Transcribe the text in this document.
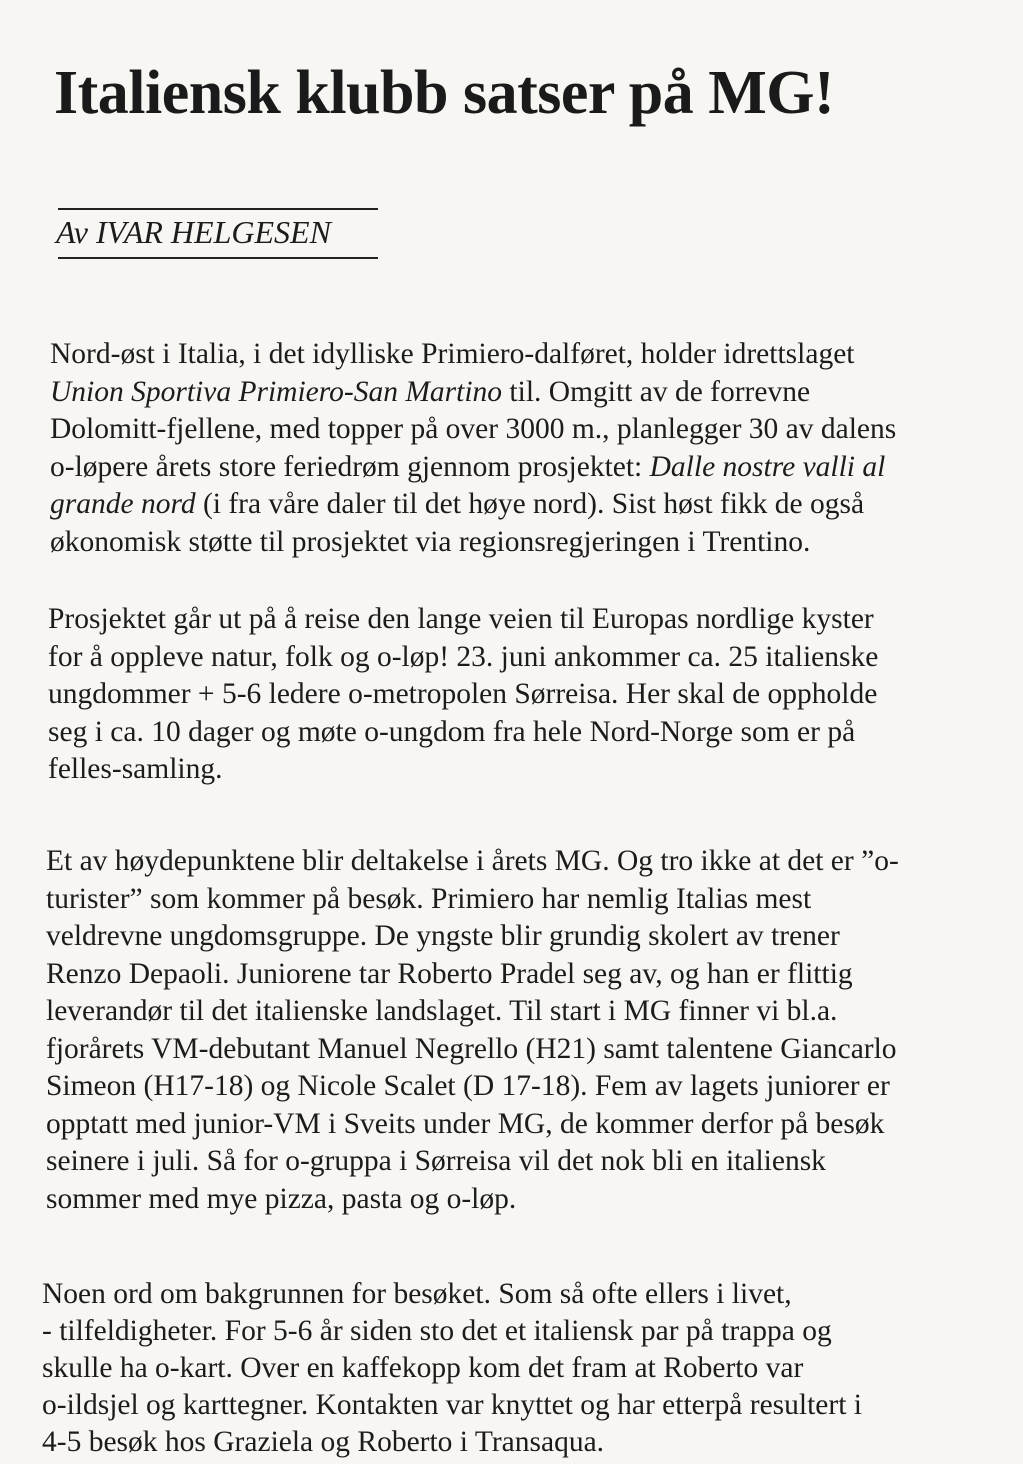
Italiensk klubb satser på MG!
Av IVAR HELGESEN
Nord-øst i Italia, i det idylliske Primiero-dalføret, holder idrettslaget
Union Sportiva Primiero-San Martino til. Omgitt av de forrevne
Dolomitt-fjellene, med topper på over 3000 m., planlegger 30 av dalens
o-løpere årets store feriedrøm gjennom prosjektet: Dalle nostre valli al
grande nord (i fra våre daler til det høye nord). Sist høst fikk de også
økonomisk støtte til prosjektet via regionsregjeringen i Trentino.
Prosjektet går ut på å reise den lange veien til Europas nordlige kyster
for å oppleve natur, folk og o-løp! 23. juni ankommer ca. 25 italienske
ungdommer + 5-6 ledere o-metropolen Sørreisa. Her skal de oppholde
seg i ca. 10 dager og møte o-ungdom fra hele Nord-Norge som er på
felles-samling.
Et av høydepunktene blir deltakelse i årets MG. Og tro ikke at det er ”o-
turister” som kommer på besøk. Primiero har nemlig Italias mest
veldrevne ungdomsgruppe. De yngste blir grundig skolert av trener
Renzo Depaoli. Juniorene tar Roberto Pradel seg av, og han er flittig
leverandør til det italienske landslaget. Til start i MG finner vi bl.a.
fjorårets VM-debutant Manuel Negrello (H21) samt talentene Giancarlo
Simeon (H17-18) og Nicole Scalet (D 17-18). Fem av lagets juniorer er
opptatt med junior-VM i Sveits under MG, de kommer derfor på besøk
seinere i juli. Så for o-gruppa i Sørreisa vil det nok bli en italiensk
sommer med mye pizza, pasta og o-løp.
Noen ord om bakgrunnen for besøket. Som så ofte ellers i livet,
- tilfeldigheter. For 5-6 år siden sto det et italiensk par på trappa og
skulle ha o-kart. Over en kaffekopp kom det fram at Roberto var
o-ildsjel og karttegner. Kontakten var knyttet og har etterpå resultert i
4-5 besøk hos Graziela og Roberto i Transaqua.
